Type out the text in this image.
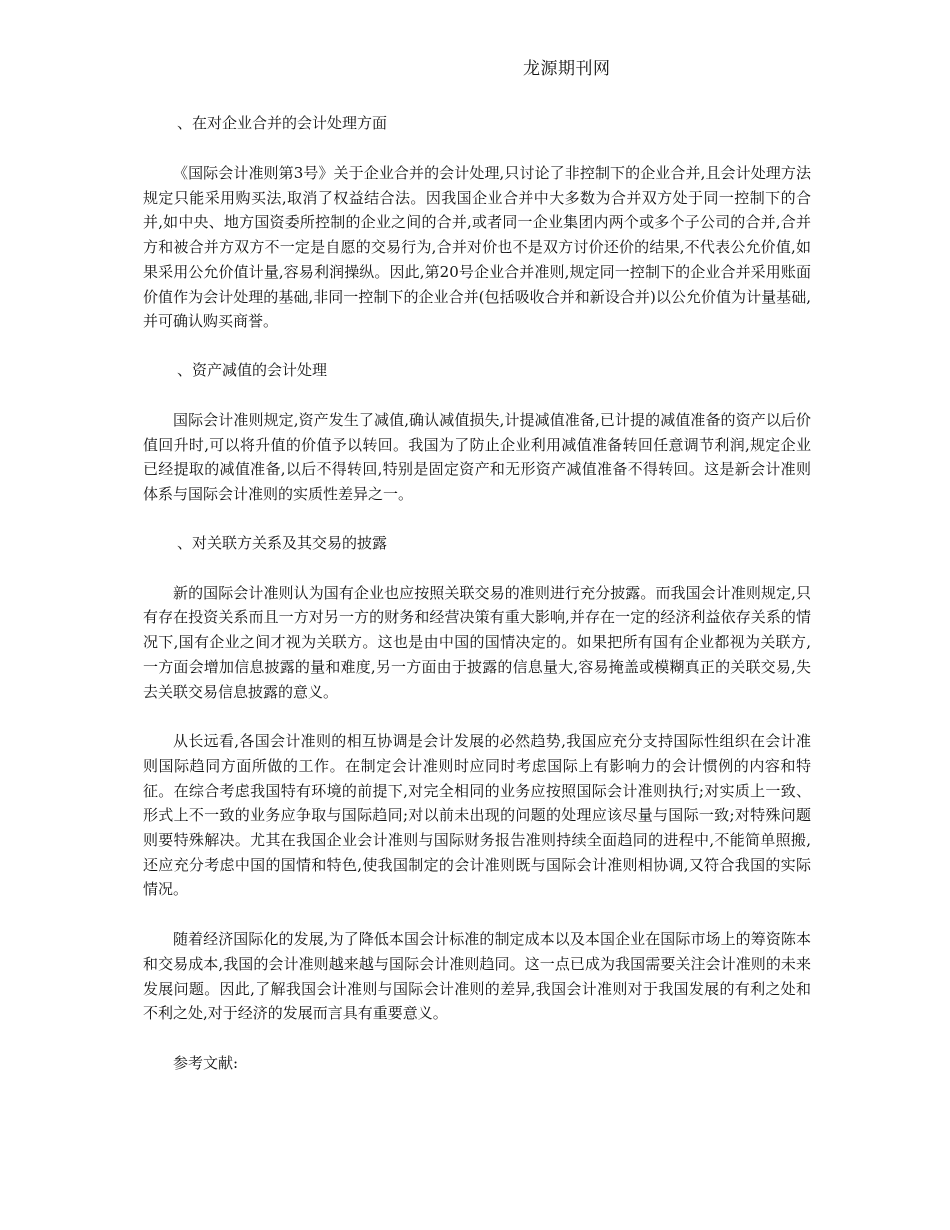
龙源期刊网
、在对企业合并的会计处理方面

《国际会计准则第3号》关于企业合并的会计处理,只讨论了非控制下的企业合并,且会计处理方法规定只能采用购买法,取消了权益结合法。因我国企业合并中大多数为合并双方处于同一控制下的合并,如中央、地方国资委所控制的企业之间的合并,或者同一企业集团内两个或多个子公司的合并,合并方和被合并方双方不一定是自愿的交易行为,合并对价也不是双方讨价还价的结果,不代表公允价值,如果采用公允价值计量,容易利润操纵。因此,第20号企业合并准则,规定同一控制下的企业合并采用账面价值作为会计处理的基础,非同一控制下的企业合并(包括吸收合并和新设合并)以公允价值为计量基础,并可确认购买商誉。

、资产减值的会计处理

国际会计准则规定,资产发生了减值,确认减值损失,计提减值准备,已计提的减值准备的资产以后价值回升时,可以将升值的价值予以转回。我国为了防止企业利用减值准备转回任意调节利润,规定企业已经提取的减值准备,以后不得转回,特别是固定资产和无形资产减值准备不得转回。这是新会计准则体系与国际会计准则的实质性差异之一。

、对关联方关系及其交易的披露

新的国际会计准则认为国有企业也应按照关联交易的准则进行充分披露。而我国会计准则规定,只有存在投资关系而且一方对另一方的财务和经营决策有重大影响,并存在一定的经济利益依存关系的情况下,国有企业之间才视为关联方。这也是由中国的国情决定的。如果把所有国有企业都视为关联方,一方面会增加信息披露的量和难度,另一方面由于披露的信息量大,容易掩盖或模糊真正的关联交易,失去关联交易信息披露的意义。

从长远看,各国会计准则的相互协调是会计发展的必然趋势,我国应充分支持国际性组织在会计准则国际趋同方面所做的工作。在制定会计准则时应同时考虑国际上有影响力的会计惯例的内容和特征。在综合考虑我国特有环境的前提下,对完全相同的业务应按照国际会计准则执行;对实质上一致、形式上不一致的业务应争取与国际趋同;对以前未出现的问题的处理应该尽量与国际一致;对特殊问题则要特殊解决。尤其在我国企业会计准则与国际财务报告准则持续全面趋同的进程中,不能简单照搬,还应充分考虑中国的国情和特色,使我国制定的会计准则既与国际会计准则相协调,又符合我国的实际情况。

随着经济国际化的发展,为了降低本国会计标准的制定成本以及本国企业在国际市场上的筹资陈本和交易成本,我国的会计准则越来越与国际会计准则趋同。这一点已成为我国需要关注会计准则的未来发展问题。因此,了解我国会计准则与国际会计准则的差异,我国会计准则对于我国发展的有利之处和不利之处,对于经济的发展而言具有重要意义。

参考文献:
